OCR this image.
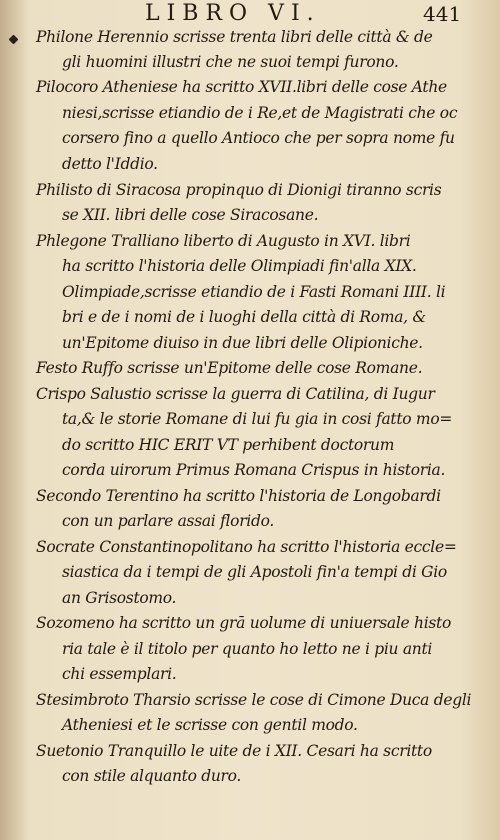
LIBRO VI.	441
Philone Herennio scrisse trenta libri delle città & de
gli huomini illustri che ne suoi tempi furono.
Pilocoro Atheniese ha scritto XVII.libri delle cose Athe
niesi,scrisse etiandio de i Re,et de Magistrati che oc
corsero fino a quello Antioco che per sopra nome fu
detto l'Iddio.
Philisto di Siracosa propinquo di Dionigi tiranno scris
se XII. libri delle cose Siracosane.
Phlegone Tralliano liberto di Augusto in XVI. libri
ha scritto l'historia delle Olimpiadi fin'alla XIX.
Olimpiade,scrisse etiandio de i Fasti Romani IIII. li
bri e de i nomi de i luoghi della città di Roma, &
un'Epitome diuiso in due libri delle Olipioniche.
Festo Ruffo scrisse un'Epitome delle cose Romane.
Crispo Salustio scrisse la guerra di Catilina, di Iugur
ta,& le storie Romane di lui fu gia in cosi fatto mo=
do scritto HIC ERIT VT perhibent doctorum
corda uirorum Primus Romana Crispus in historia.
Secondo Terentino ha scritto l'historia de Longobardi
con un parlare assai florido.
Socrate Constantinopolitano ha scritto l'historia eccle=
siastica da i tempi de gli Apostoli fin'a tempi di Gio
an Grisostomo.
Sozomeno ha scritto un grā uolume di uniuersale histo
ria tale è il titolo per quanto ho letto ne i piu anti
chi essemplari.
Stesimbroto Tharsio scrisse le cose di Cimone Duca degli
Atheniesi et le scrisse con gentil modo.
Suetonio Tranquillo le uite de i XII. Cesari ha scritto
con stile alquanto duro.
